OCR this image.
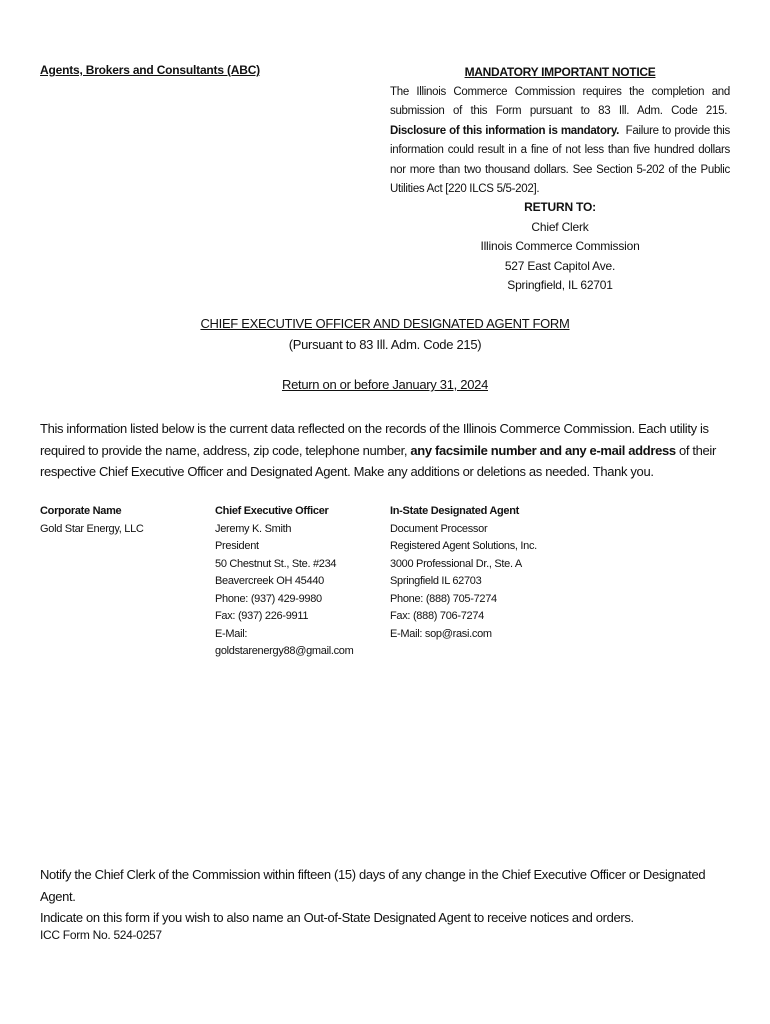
Agents, Brokers and Consultants (ABC)	MANDATORY IMPORTANT NOTICE
The Illinois Commerce Commission requires the completion and submission of this Form pursuant to 83 Ill. Adm. Code 215.  Disclosure of this information is mandatory. Failure to provide this information could result in a fine of not less than five hundred dollars nor more than two thousand dollars. See Section 5-202 of the Public Utilities Act [220 ILCS 5/5-202].
RETURN TO:
Chief Clerk
Illinois Commerce Commission
527 East Capitol Ave.
Springfield, IL 62701
CHIEF EXECUTIVE OFFICER AND DESIGNATED AGENT FORM
(Pursuant to 83 Ill. Adm. Code 215)
Return on or before January 31, 2024
This information listed below is the current data reflected on the records of the Illinois Commerce Commission. Each utility is required to provide the name, address, zip code, telephone number, any facsimile number and any e-mail address of their respective Chief Executive Officer and Designated Agent. Make any additions or deletions as needed. Thank you.
Corporate Name
Gold Star Energy, LLC
Chief Executive Officer
Jeremy K. Smith
President
50 Chestnut St., Ste. #234
Beavercreek OH 45440
Phone: (937) 429-9980
Fax: (937) 226-9911
E-Mail: goldstarenergy88@gmail.com
In-State Designated Agent
Document Processor
Registered Agent Solutions, Inc.
3000 Professional Dr., Ste. A
Springfield IL 62703
Phone: (888) 705-7274
Fax: (888) 706-7274
E-Mail: sop@rasi.com
Notify the Chief Clerk of the Commission within fifteen (15) days of any change in the Chief Executive Officer or Designated Agent.
Indicate on this form if you wish to also name an Out-of-State Designated Agent to receive notices and orders.
ICC Form No. 524-0257
